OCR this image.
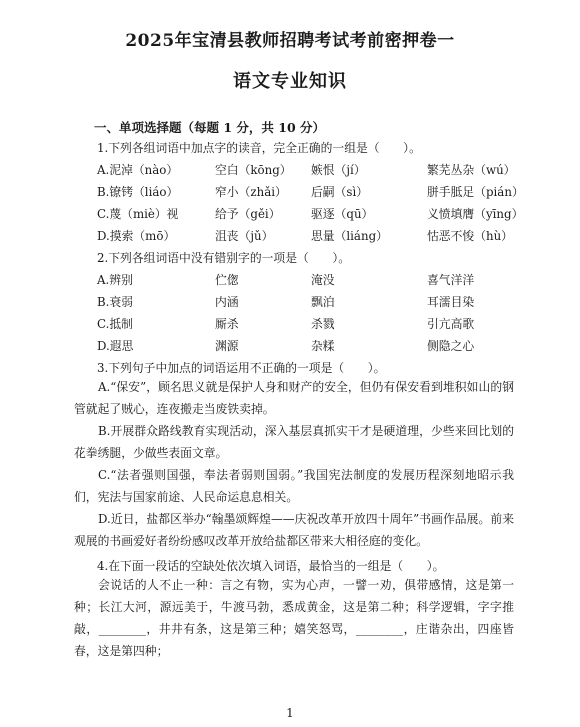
2025年宝清县教师招聘考试考前密押卷一
语文专业知识
一、单项选择题（每题 1 分，共 10 分）
1.下列各组词语中加点字的读音，完全正确的一组是（　　）。
A.泥淖（nào）	空白（kōng） 嫉恨（jí）	繁芜丛杂（wú）
B.镣铐（liáo）	窄小（zhǎi） 后嗣（sì）	胼手胝足（pián）
C.蔑（miè）视	给予（gěi）	驱逐（qū）	义愤填膺（yīng）
D.摸索（mō）	沮丧（jǔ）	思量（liáng）	怙恶不悛（hù）
2.下列各组词语中没有错别字的一项是（　　）。
A.辨别	伫偬	淹没	喜气洋洋
B.衰弱	内涵	飘泊	耳濡目染
C.抵制	厮杀	杀戮	引亢高歌
D.遐思	渊源	杂糅	侧隐之心
3.下列句子中加点的词语运用不正确的一项是（　　）。

A.“保安”，顾名思义就是保护人身和财产的安全，但仍有保安看到堆积如山的钢管就起了贼心，连夜搬走当废铁卖掉。

B.开展群众路线教育实现活动，深入基层真抓实干才是硬道理，少些来回比划的花拳绣腿，少做些表面文章。

C.“法者强则国强，奉法者弱则国弱。”我国宪法制度的发展历程深刻地昭示我们，宪法与国家前途、人民命运息息相关。

D.近日，盐都区举办“翰墨颂辉煌——庆祝改革开放四十周年”书画作品展。前来观展的书画爱好者纷纷感叹改革开放给盐都区带来大相径庭的变化。

4.在下面一段话的空缺处依次填入词语，最恰当的一组是（　　）。

会说话的人不止一种：言之有物，实为心声，一譬一劝，俱带感情，这是第一种；长江大河，源远美于，牛渡马勃，悉成黄金，这是第二种；科学逻辑，字字推敲，________，井井有条，这是第三种；嬉笑怒骂，________，庄谐杂出，四座皆春，这是第四种；

1
